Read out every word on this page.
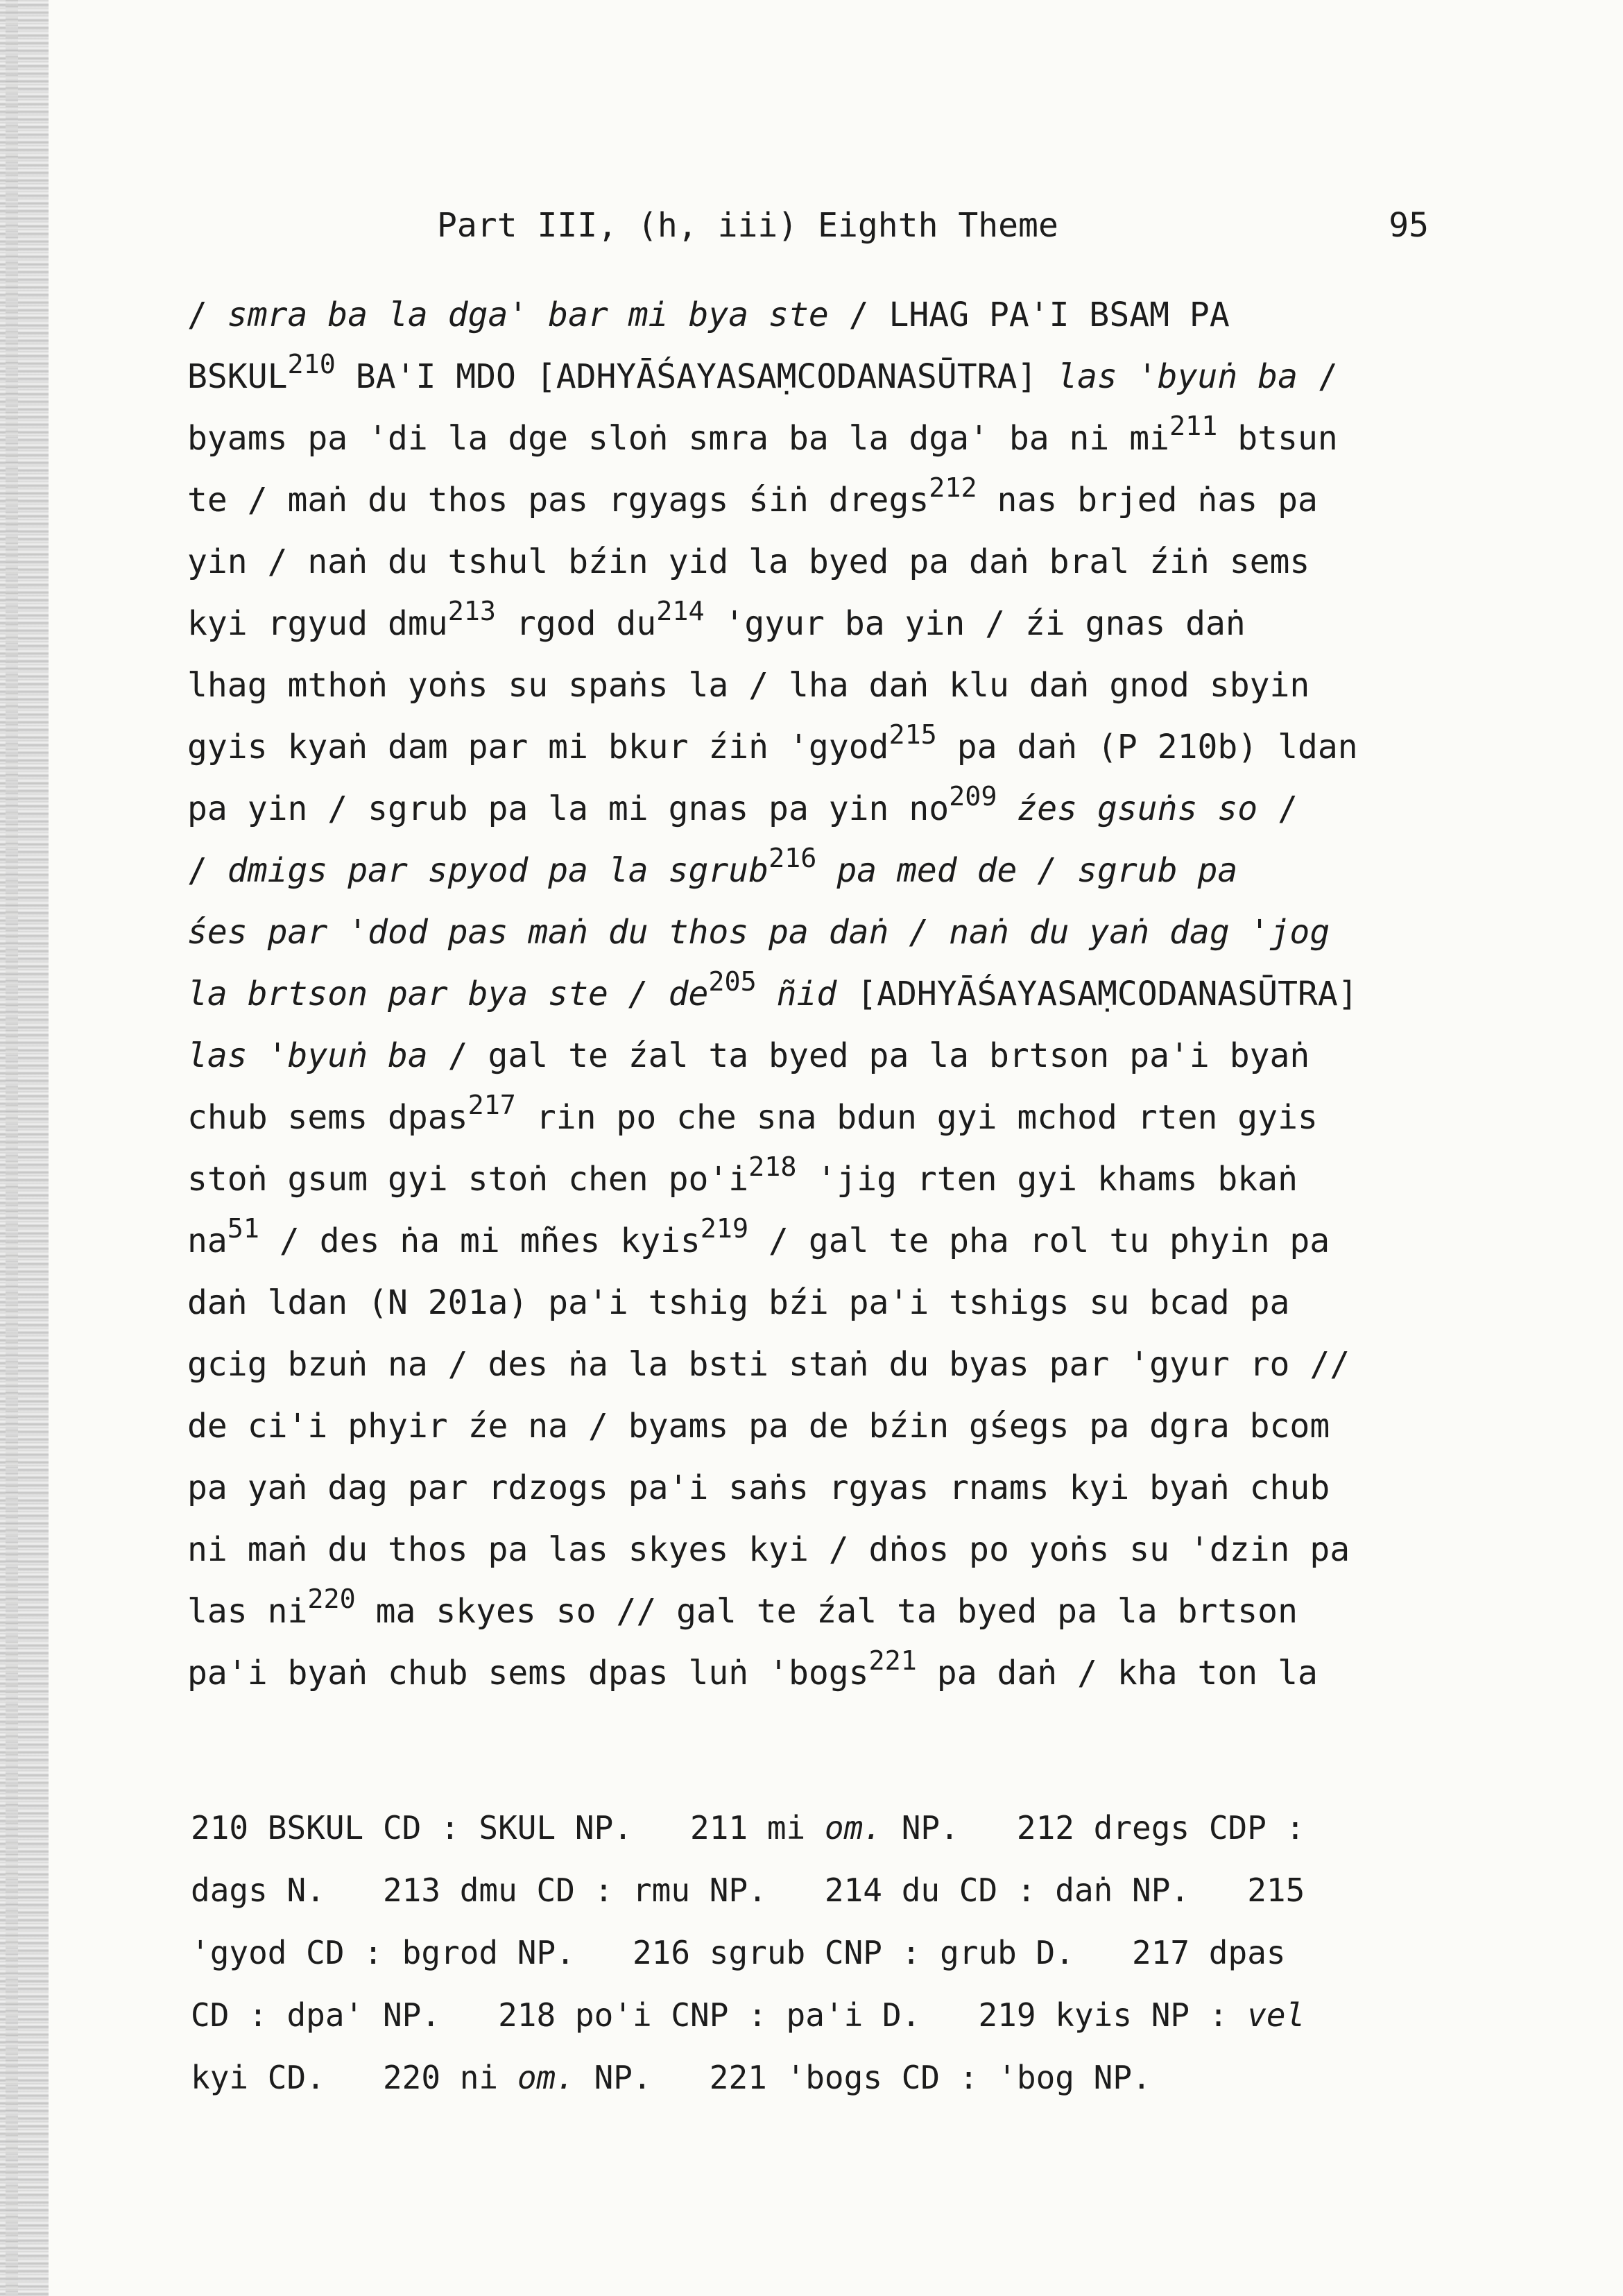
Part III, (h, iii) Eighth Theme	95
/ smra ba la dga' bar mi bya ste / LHAG PA'I BSAM PA
BSKUL$^{210}$ BA'I MDO [ADHYĀŚAYASAṂCODANASŪTRA] las 'byuṅ ba /
byams pa 'di la dge sloṅ smra ba la dga' ba ni $mi^{211}$ btsun
te / maṅ du thos pas rgyags śiṅ dregs$^{212}$ nas brjed ṅas pa
yin / naṅ du tshul bźin yid la byed pa daṅ bral źiṅ sems
kyi rgyud dmu$^{213}$ rgod $du^{214}$ 'gyur ba yin / źi gnas daṅ
lhag mthoṅ yoṅs su spaṅs la / lha daṅ klu daṅ gnod sbyin
gyis kyaṅ dam par mi bkur źiṅ 'gyod$^{215}$ pa daṅ (P 210b) ldan
pa yin / sgrub pa la mi gnas pa yin $no^{209}$ źes gsuṅs so /
/ dmigs par spyod pa la sgrub$^{216}$ pa med de / sgrub pa
śes par 'dod pas maṅ du thos pa daṅ / naṅ du yaṅ dag 'jog
la brtson par bya ste / $de^{205}$ ñid [ADHYĀŚAYASAṂCODANASŪTRA]
las 'byuṅ ba / gal te źal ta byed pa la brtson pa'i byaṅ
chub sems dpas$^{217}$ rin po che sna bdun gyi mchod rten gyis
stoṅ gsum gyi stoṅ chen $po'i^{218}$ 'jig rten gyi khams bkaṅ
$na^{51}$ / des ṅa mi mñes kyis$^{219}$ / gal te pha rol tu phyin pa
daṅ ldan (N 201a) pa'i tshig bźi pa'i tshigs su bcad pa
gcig bzuṅ na / des ṅa la bsti staṅ du byas par 'gyur ro //
de ci'i phyir źe na / byams pa de bźin gśegs pa dgra bcom
pa yaṅ dag par rdzogs pa'i saṅs rgyas rnams kyi byaṅ chub
ni maṅ du thos pa las skyes kyi / dṅos po yoṅs su 'dzin pa
las $ni^{220}$ ma skyes so // gal te źal ta byed pa la brtson
pa'i byaṅ chub sems dpas luṅ 'bogs$^{221}$ pa daṅ / kha ton la
210 BSKUL CD : SKUL NP.   211 mi om. NP.   212 dregs CDP :
dags N.   213 dmu CD : rmu NP.   214 du CD : daṅ NP.   215
'gyod CD : bgrod NP.   216 sgrub CNP : grub D.   217 dpas
CD : dpa' NP.   218 po'i CNP : pa'i D.   219 kyis NP : vel
kyi CD.   220 ni om. NP.   221 'bogs CD : 'bog NP.
